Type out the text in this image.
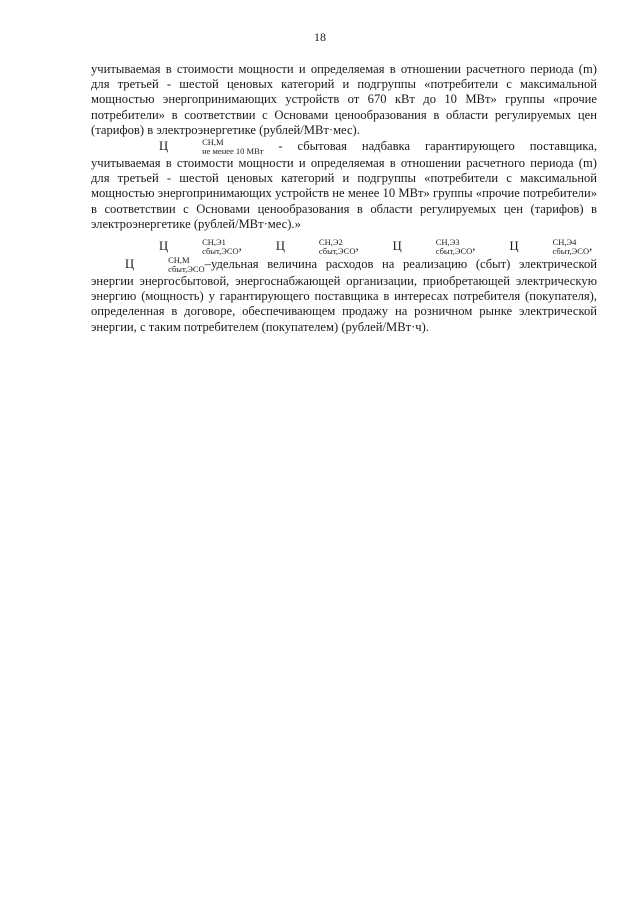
18

учитываемая в стоимости мощности и определяемая в отношении расчетного периода (m) для третьей - шестой ценовых категорий и подгруппы «потребители с максимальной мощностью энергопринимающих устройств от 670 кВт до 10 МВт» группы «прочие потребители» в соответствии с Основами ценообразования в области регулируемых цен (тарифов) в электроэнергетике (рублей/МВт·мес).

Ц	СН,М
не менее 10 МВт - сбытовая надбавка гарантирующего поставщика, учитываемая в стоимости мощности и определяемая в отношении расчетного периода (m) для третьей - шестой ценовых категорий и подгруппы «потребители с максимальной мощностью энергопринимающих устройств не менее 10 МВт» группы «прочие потребители» в соответствии с Основами ценообразования в области регулируемых цен (тарифов) в электроэнергетике (рублей/МВт·мес).»

Ц	СН,Э1
сбыт,ЭСО ,	Ц	СН,Э2
сбыт,ЭСО ,	Ц	СН,Э3
сбыт,ЭСО ,	Ц	СН,Э4
сбыт,ЭСО ,Ц	СН,М
сбыт,ЭСО –удельная величина расходов на реализацию (сбыт) электрической энергии энергосбытовой, энергоснабжающей организации, приобретающей электрическую энергию (мощность) у гарантирующего поставщика в интересах потребителя (покупателя), определенная в договоре, обеспечивающем продажу на розничном рынке электрической энергии, с таким потребителем (покупателем) (рублей/МВт·ч).
